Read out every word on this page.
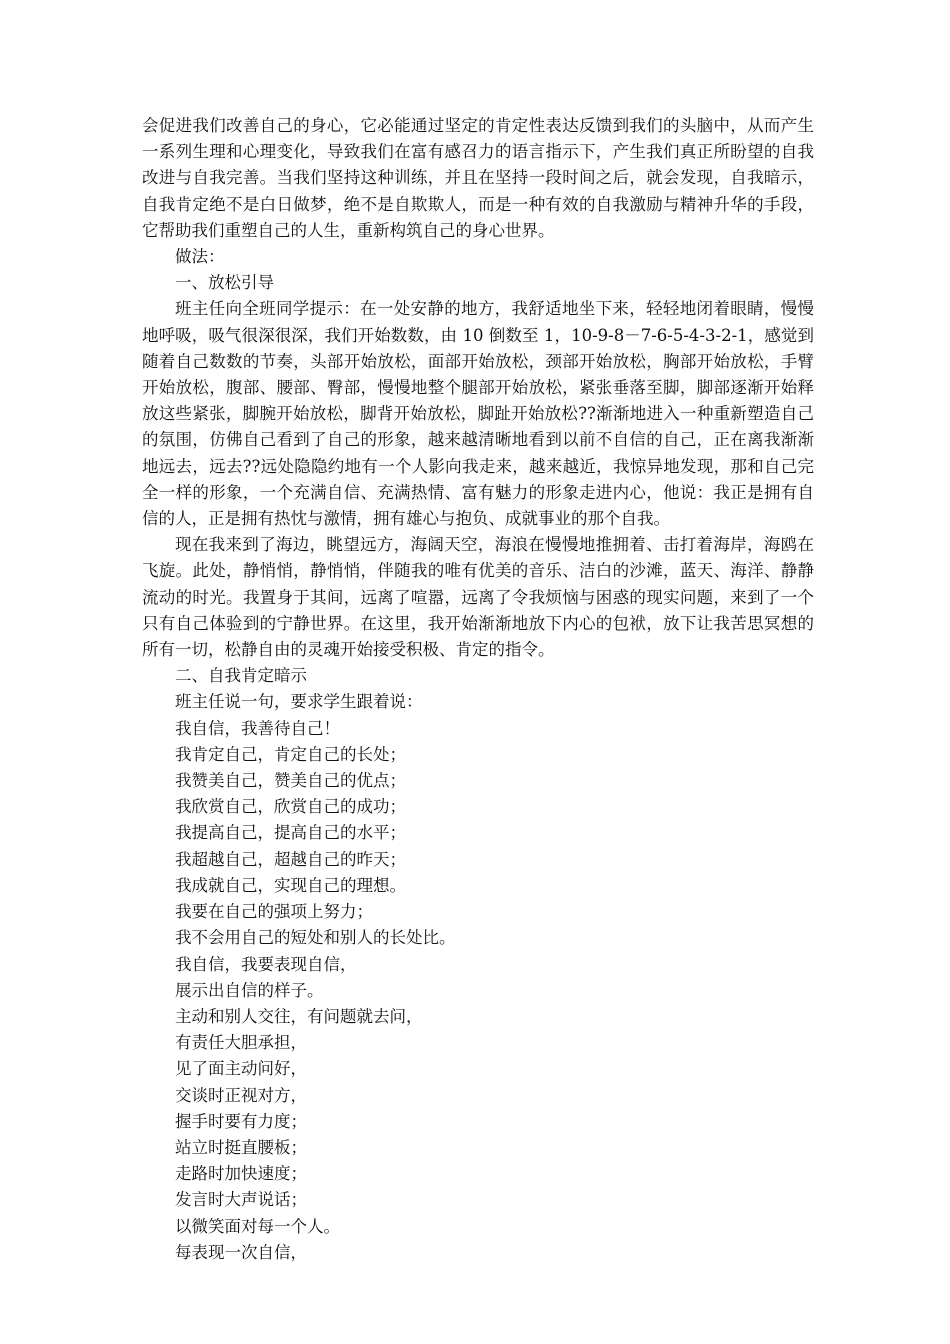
会促进我们改善自己的身心，它必能通过坚定的肯定性表达反馈到我们的头脑中，从而产生一系列生理和心理变化，导致我们在富有感召力的语言指示下，产生我们真正所盼望的自我改进与自我完善。当我们坚持这种训练，并且在坚持一段时间之后，就会发现，自我暗示，自我肯定绝不是白日做梦，绝不是自欺欺人，而是一种有效的自我激励与精神升华的手段，它帮助我们重塑自己的人生，重新构筑自己的身心世界。

做法：

一、放松引导

班主任向全班同学提示：在一处安静的地方，我舒适地坐下来，轻轻地闭着眼睛，慢慢地呼吸，吸气很深很深，我们开始数数，由 10 倒数至 1，10-9-8－7-6-5-4-3-2-1，感觉到随着自己数数的节奏，头部开始放松，面部开始放松，颈部开始放松，胸部开始放松，手臂开始放松，腹部、腰部、臀部，慢慢地整个腿部开始放松，紧张垂落至脚，脚部逐渐开始释放这些紧张，脚腕开始放松，脚背开始放松，脚趾开始放松??渐渐地进入一种重新塑造自己的氛围，仿佛自己看到了自己的形象，越来越清晰地看到以前不自信的自己，正在离我渐渐地远去，远去??远处隐隐约地有一个人影向我走来，越来越近，我惊异地发现，那和自己完全一样的形象，一个充满自信、充满热情、富有魅力的形象走进内心，他说：我正是拥有自信的人，正是拥有热忱与激情，拥有雄心与抱负、成就事业的那个自我。

现在我来到了海边，眺望远方，海阔天空，海浪在慢慢地推拥着、击打着海岸，海鸥在飞旋。此处，静悄悄，静悄悄，伴随我的唯有优美的音乐、洁白的沙滩，蓝天、海洋、静静流动的时光。我置身于其间，远离了喧嚣，远离了令我烦恼与困惑的现实问题，来到了一个只有自己体验到的宁静世界。在这里，我开始渐渐地放下内心的包袱，放下让我苦思冥想的所有一切，松静自由的灵魂开始接受积极、肯定的指令。

二、自我肯定暗示

班主任说一句，要求学生跟着说：

我自信，我善待自己！

我肯定自己，肯定自己的长处；

我赞美自己，赞美自己的优点；

我欣赏自己，欣赏自己的成功；

我提高自己，提高自己的水平；

我超越自己，超越自己的昨天；

我成就自己，实现自己的理想。

我要在自己的强项上努力；

我不会用自己的短处和别人的长处比。

我自信，我要表现自信，

展示出自信的样子。

主动和别人交往，有问题就去问，

有责任大胆承担，

见了面主动问好，

交谈时正视对方，

握手时要有力度；

站立时挺直腰板；

走路时加快速度；

发言时大声说话；

以微笑面对每一个人。

每表现一次自信，
